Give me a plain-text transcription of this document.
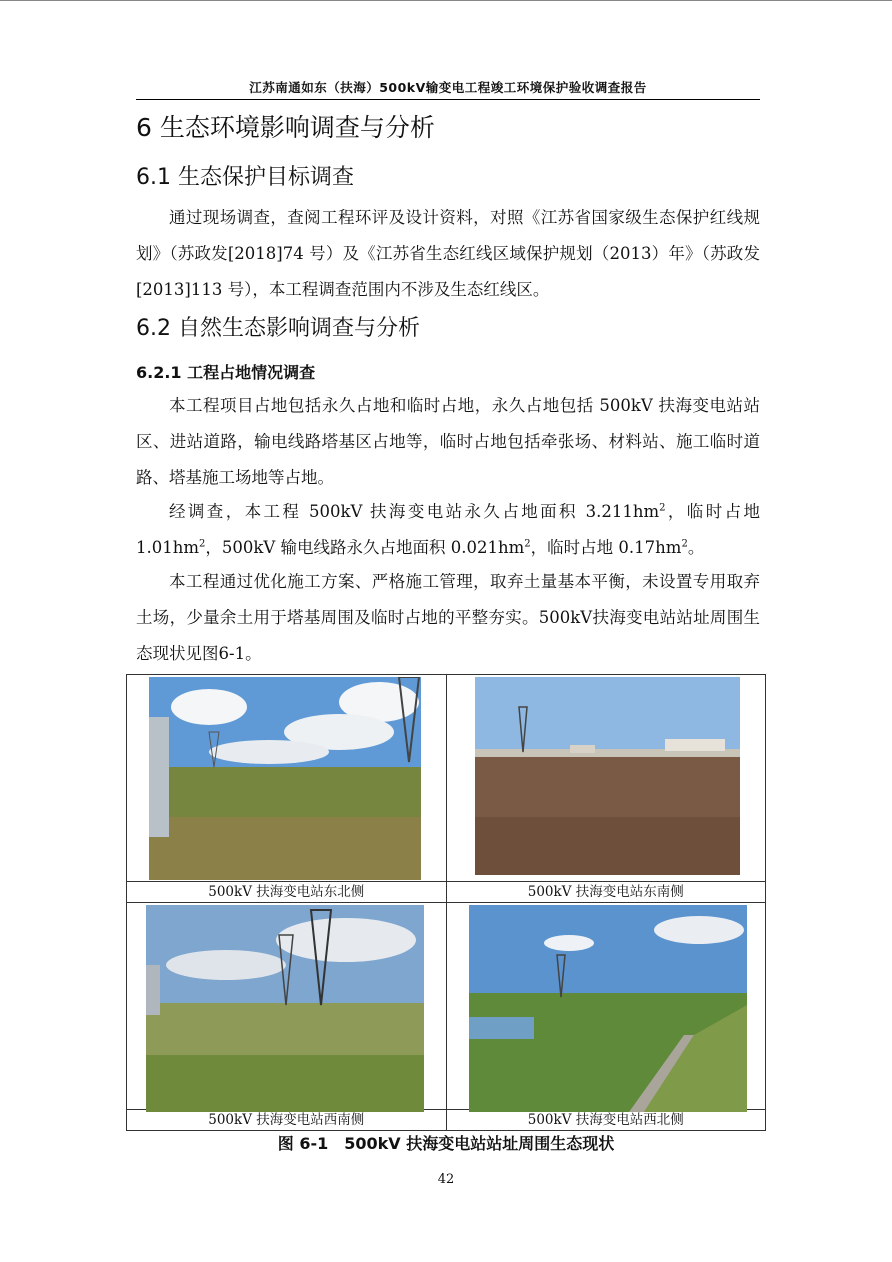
江苏南通如东（扶海）500kV输变电工程竣工环境保护验收调查报告
6 生态环境影响调查与分析
6.1 生态保护目标调查

通过现场调查，查阅工程环评及设计资料，对照《江苏省国家级生态保护红线规划》（苏政发[2018]74 号）及《江苏省生态红线区域保护规划（2013）年》（苏政发[2013]113 号），本工程调查范围内不涉及生态红线区。

6.2 自然生态影响调查与分析
6.2.1 工程占地情况调查

本工程项目占地包括永久占地和临时占地，永久占地包括 500kV 扶海变电站站区、进站道路，输电线路塔基区占地等，临时占地包括牵张场、材料站、施工临时道路、塔基施工场地等占地。

经调查，本工程 500kV 扶海变电站永久占地面积 $3.211hm^2$，临时占地 $1.01hm^2$，500kV 输电线路永久占地面积 $0.021hm^2$，临时占地 $0.17hm^2$。

本工程通过优化施工方案、严格施工管理，取弃土量基本平衡，未设置专用取弃土场，少量余土用于塔基周围及临时占地的平整夯实。500kV扶海变电站站址周围生态现状见图6-1。

500kV 扶海变电站东北侧	500kV 扶海变电站东南侧

500kV 扶海变电站西南侧	500kV 扶海变电站西北侧
图 6-1　500kV 扶海变电站站址周围生态现状
42
